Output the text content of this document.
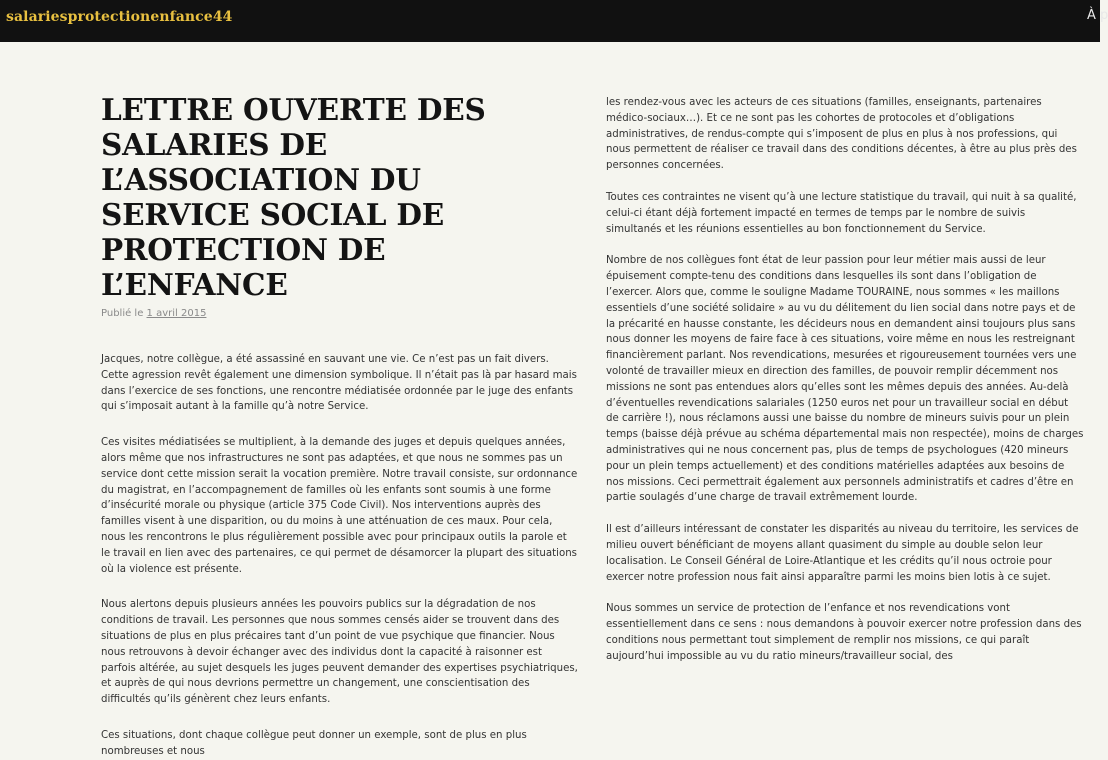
salariesprotectionenfance44	À p
LETTRE OUVERTE DES SALARIES DE L’ASSOCIATION DU SERVICE SOCIAL DE PROTECTION DE L’ENFANCE
Publié le 1 avril 2015

Jacques, notre collègue, a été assassiné en sauvant une vie. Ce n’est pas un fait divers. Cette agression revêt également une dimension symbolique. Il n’était pas là par hasard mais dans l’exercice de ses fonctions, une rencontre médiatisée ordonnée par le juge des enfants qui s’imposait autant à la famille qu’à notre Service.

Ces visites médiatisées se multiplient, à la demande des juges et depuis quelques années, alors même que nos infrastructures ne sont pas adaptées, et que nous ne sommes pas un service dont cette mission serait la vocation première. Notre travail consiste, sur ordonnance du magistrat, en l’accompagnement de familles où les enfants sont soumis à une forme d’insécurité morale ou physique (article 375 Code Civil). Nos interventions auprès des familles visent à une disparition, ou du moins à une atténuation de ces maux. Pour cela, nous les rencontrons le plus régulièrement possible avec pour principaux outils la parole et le travail en lien avec des partenaires, ce qui permet de désamorcer la plupart des situations où la violence est présente.

Nous alertons depuis plusieurs années les pouvoirs publics sur la dégradation de nos conditions de travail. Les personnes que nous sommes censés aider se trouvent dans des situations de plus en plus précaires tant d’un point de vue psychique que financier. Nous nous retrouvons à devoir échanger avec des individus dont la capacité à raisonner est parfois altérée, au sujet desquels les juges peuvent demander des expertises psychiatriques, et auprès de qui nous devrions permettre un changement, une conscientisation des difficultés qu’ils génèrent chez leurs enfants.

Ces situations, dont chaque collègue peut donner un exemple, sont de plus en plus nombreuses et nous

les rendez-vous avec les acteurs de ces situations (familles, enseignants, partenaires médico-sociaux…). Et ce ne sont pas les cohortes de protocoles et d’obligations administratives, de rendus-compte qui s’imposent de plus en plus à nos professions, qui nous permettent de réaliser ce travail dans des conditions décentes, à être au plus près des personnes concernées.

Toutes ces contraintes ne visent qu’à une lecture statistique du travail, qui nuit à sa qualité, celui-ci étant déjà fortement impacté en termes de temps par le nombre de suivis simultanés et les réunions essentielles au bon fonctionnement du Service.

Nombre de nos collègues font état de leur passion pour leur métier mais aussi de leur épuisement compte-tenu des conditions dans lesquelles ils sont dans l’obligation de l’exercer. Alors que, comme le souligne Madame TOURAINE, nous sommes « les maillons essentiels d’une société solidaire » au vu du délitement du lien social dans notre pays et de la précarité en hausse constante, les décideurs nous en demandent ainsi toujours plus sans nous donner les moyens de faire face à ces situations, voire même en nous les restreignant financièrement parlant. Nos revendications, mesurées et rigoureusement tournées vers une volonté de travailler mieux en direction des familles, de pouvoir remplir décemment nos missions ne sont pas entendues alors qu’elles sont les mêmes depuis des années. Au-delà d’éventuelles revendications salariales (1250 euros net pour un travailleur social en début de carrière !), nous réclamons aussi une baisse du nombre de mineurs suivis pour un plein temps (baisse déjà prévue au schéma départemental mais non respectée), moins de charges administratives qui ne nous concernent pas, plus de temps de psychologues (420 mineurs pour un plein temps actuellement) et des conditions matérielles adaptées aux besoins de nos missions. Ceci permettrait également aux personnels administratifs et cadres d’être en partie soulagés d’une charge de travail extrêmement lourde.

Il est d’ailleurs intéressant de constater les disparités au niveau du territoire, les services de milieu ouvert bénéficiant de moyens allant quasiment du simple au double selon leur localisation. Le Conseil Général de Loire-Atlantique et les crédits qu’il nous octroie pour exercer notre profession nous fait ainsi apparaître parmi les moins bien lotis à ce sujet.

Nous sommes un service de protection de l’enfance et nos revendications vont essentiellement dans ce sens : nous demandons à pouvoir exercer notre profession dans des conditions nous permettant tout simplement de remplir nos missions, ce qui paraît aujourd’hui impossible au vu du ratio mineurs/travailleur social, des
